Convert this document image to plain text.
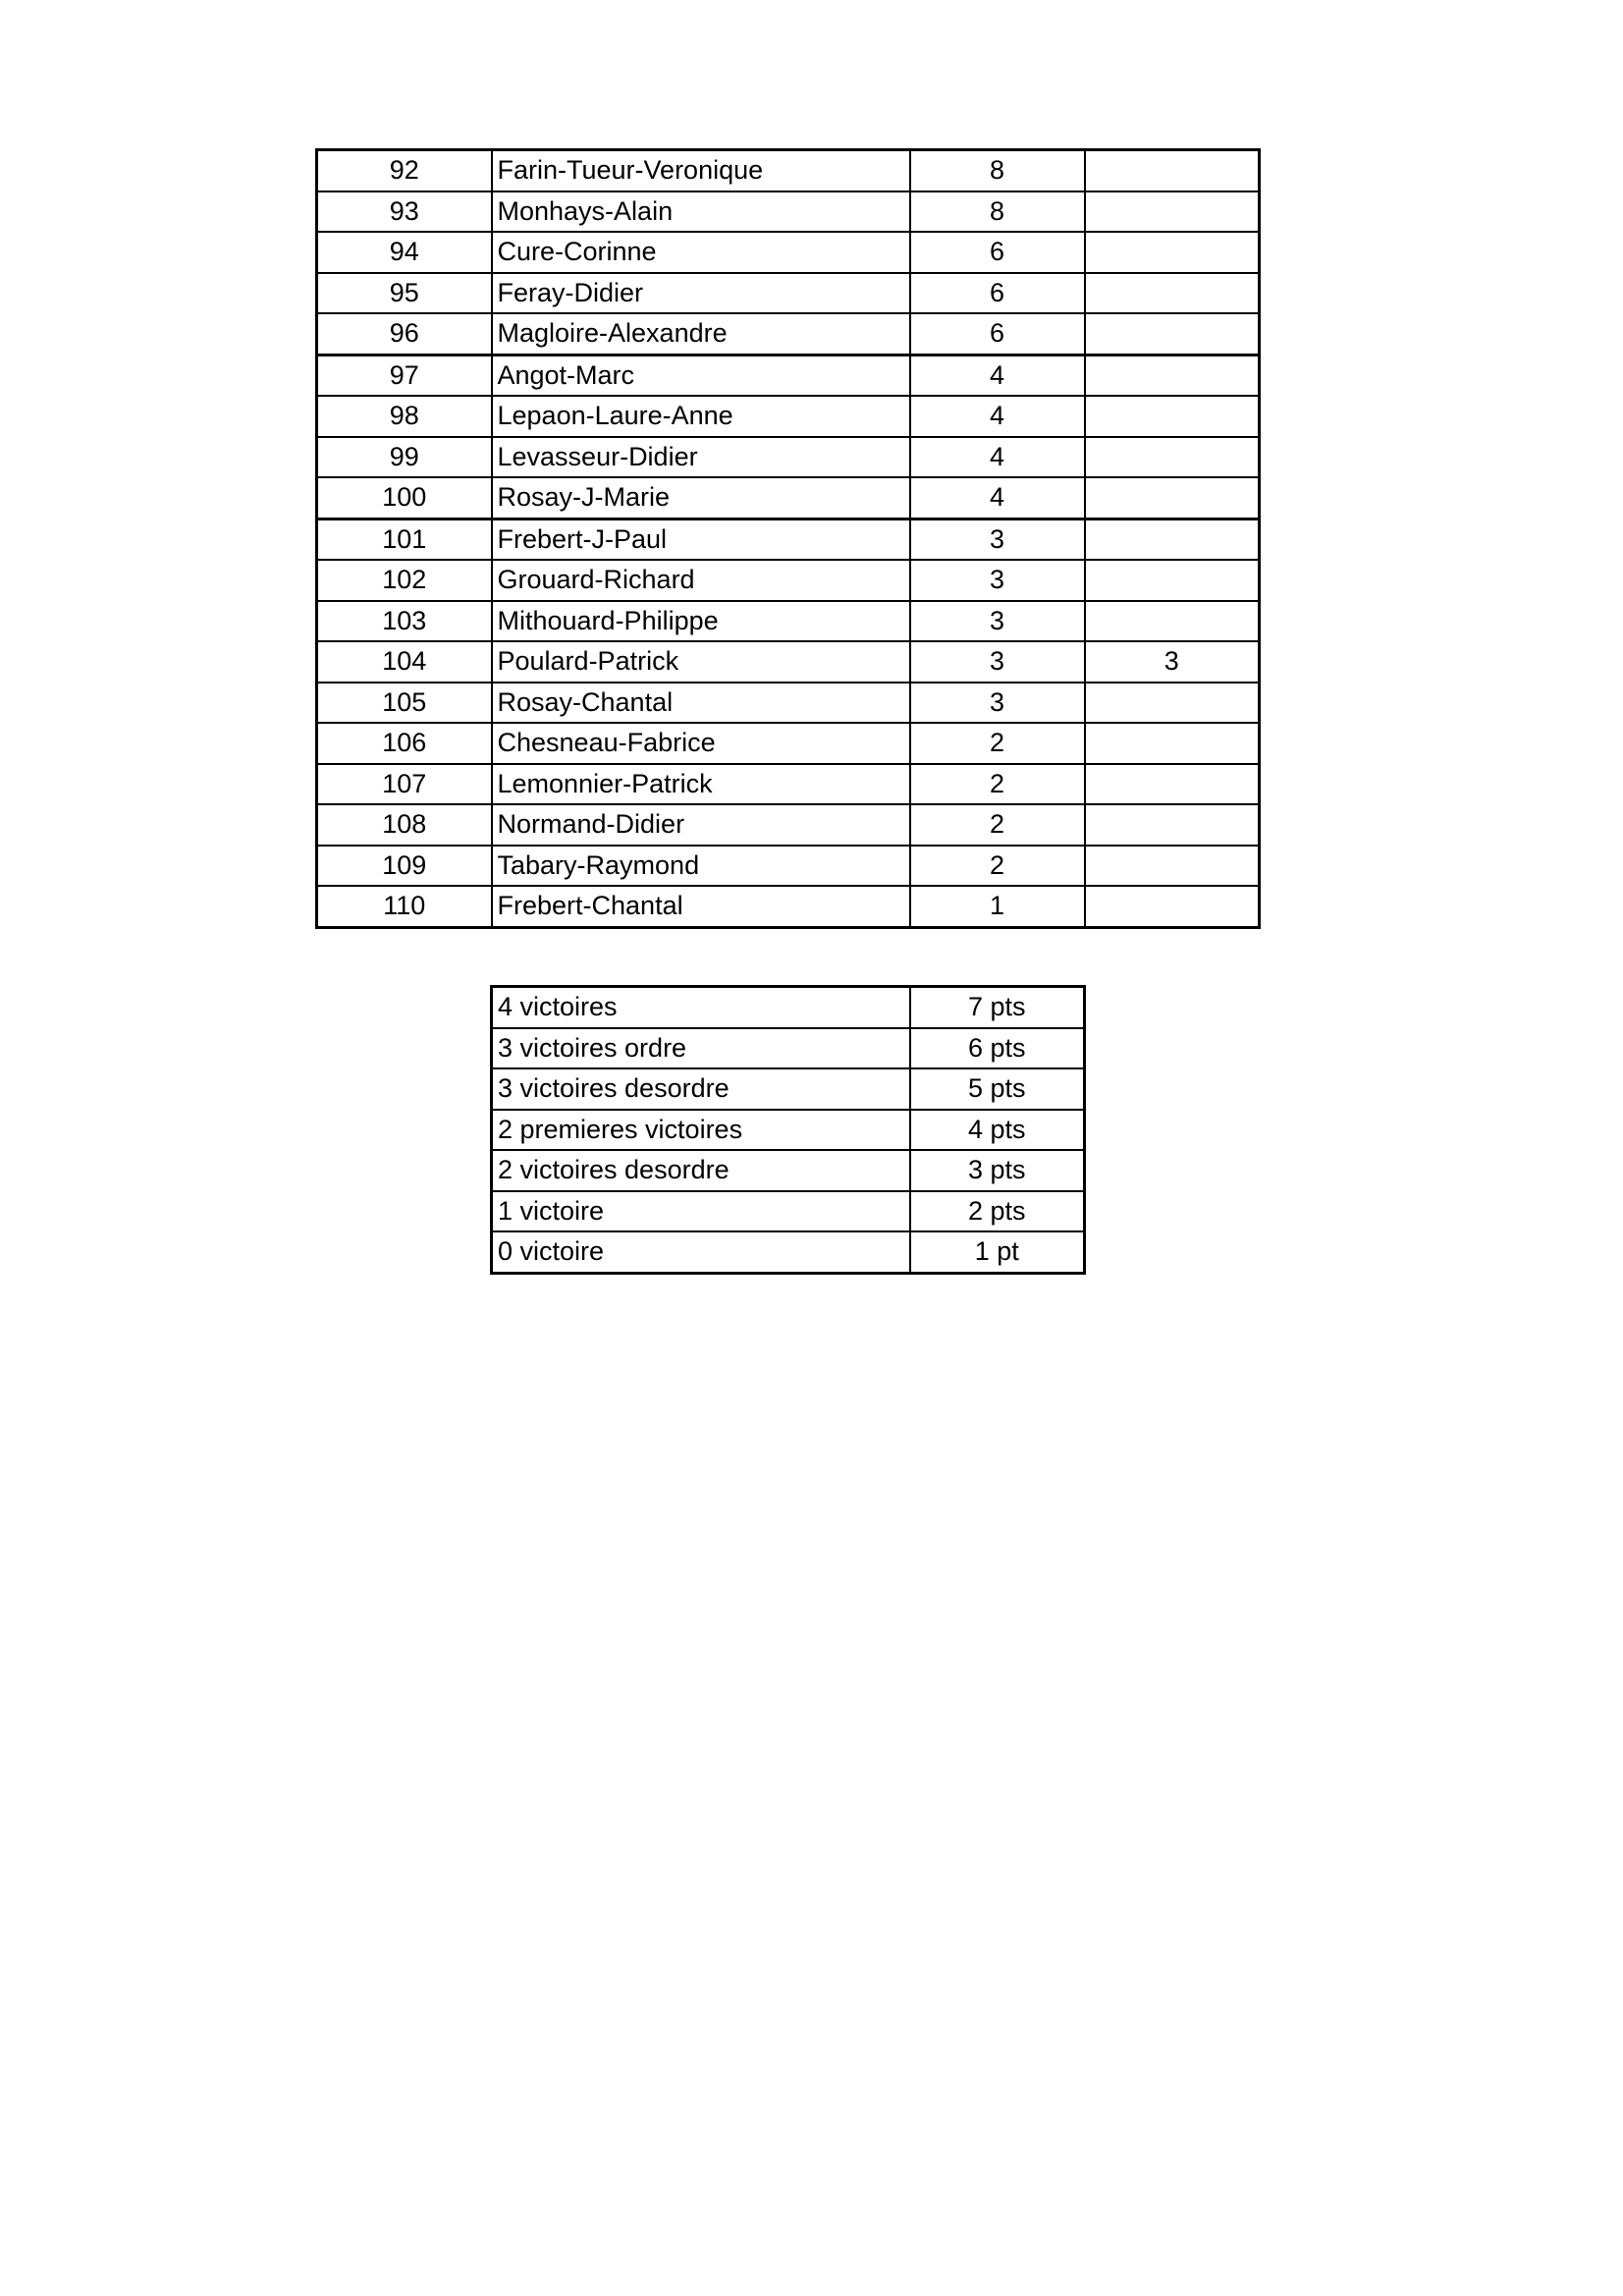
92	Farin-Tueur-Veronique	8	
93	Monhays-Alain	8	
94	Cure-Corinne	6	
95	Feray-Didier	6	
96	Magloire-Alexandre	6	
97	Angot-Marc	4	
98	Lepaon-Laure-Anne	4	
99	Levasseur-Didier	4	
100	Rosay-J-Marie	4	
101	Frebert-J-Paul	3	
102	Grouard-Richard	3	
103	Mithouard-Philippe	3	
104	Poulard-Patrick	3	3
105	Rosay-Chantal	3	
106	Chesneau-Fabrice	2	
107	Lemonnier-Patrick	2	
108	Normand-Didier	2	
109	Tabary-Raymond	2	
110	Frebert-Chantal	1	
4 victoires	7 pts
3 victoires ordre	6 pts
3 victoires desordre	5 pts
2 premieres victoires	4 pts
2 victoires desordre	3 pts
1 victoire	2 pts
0 victoire	1 pt
